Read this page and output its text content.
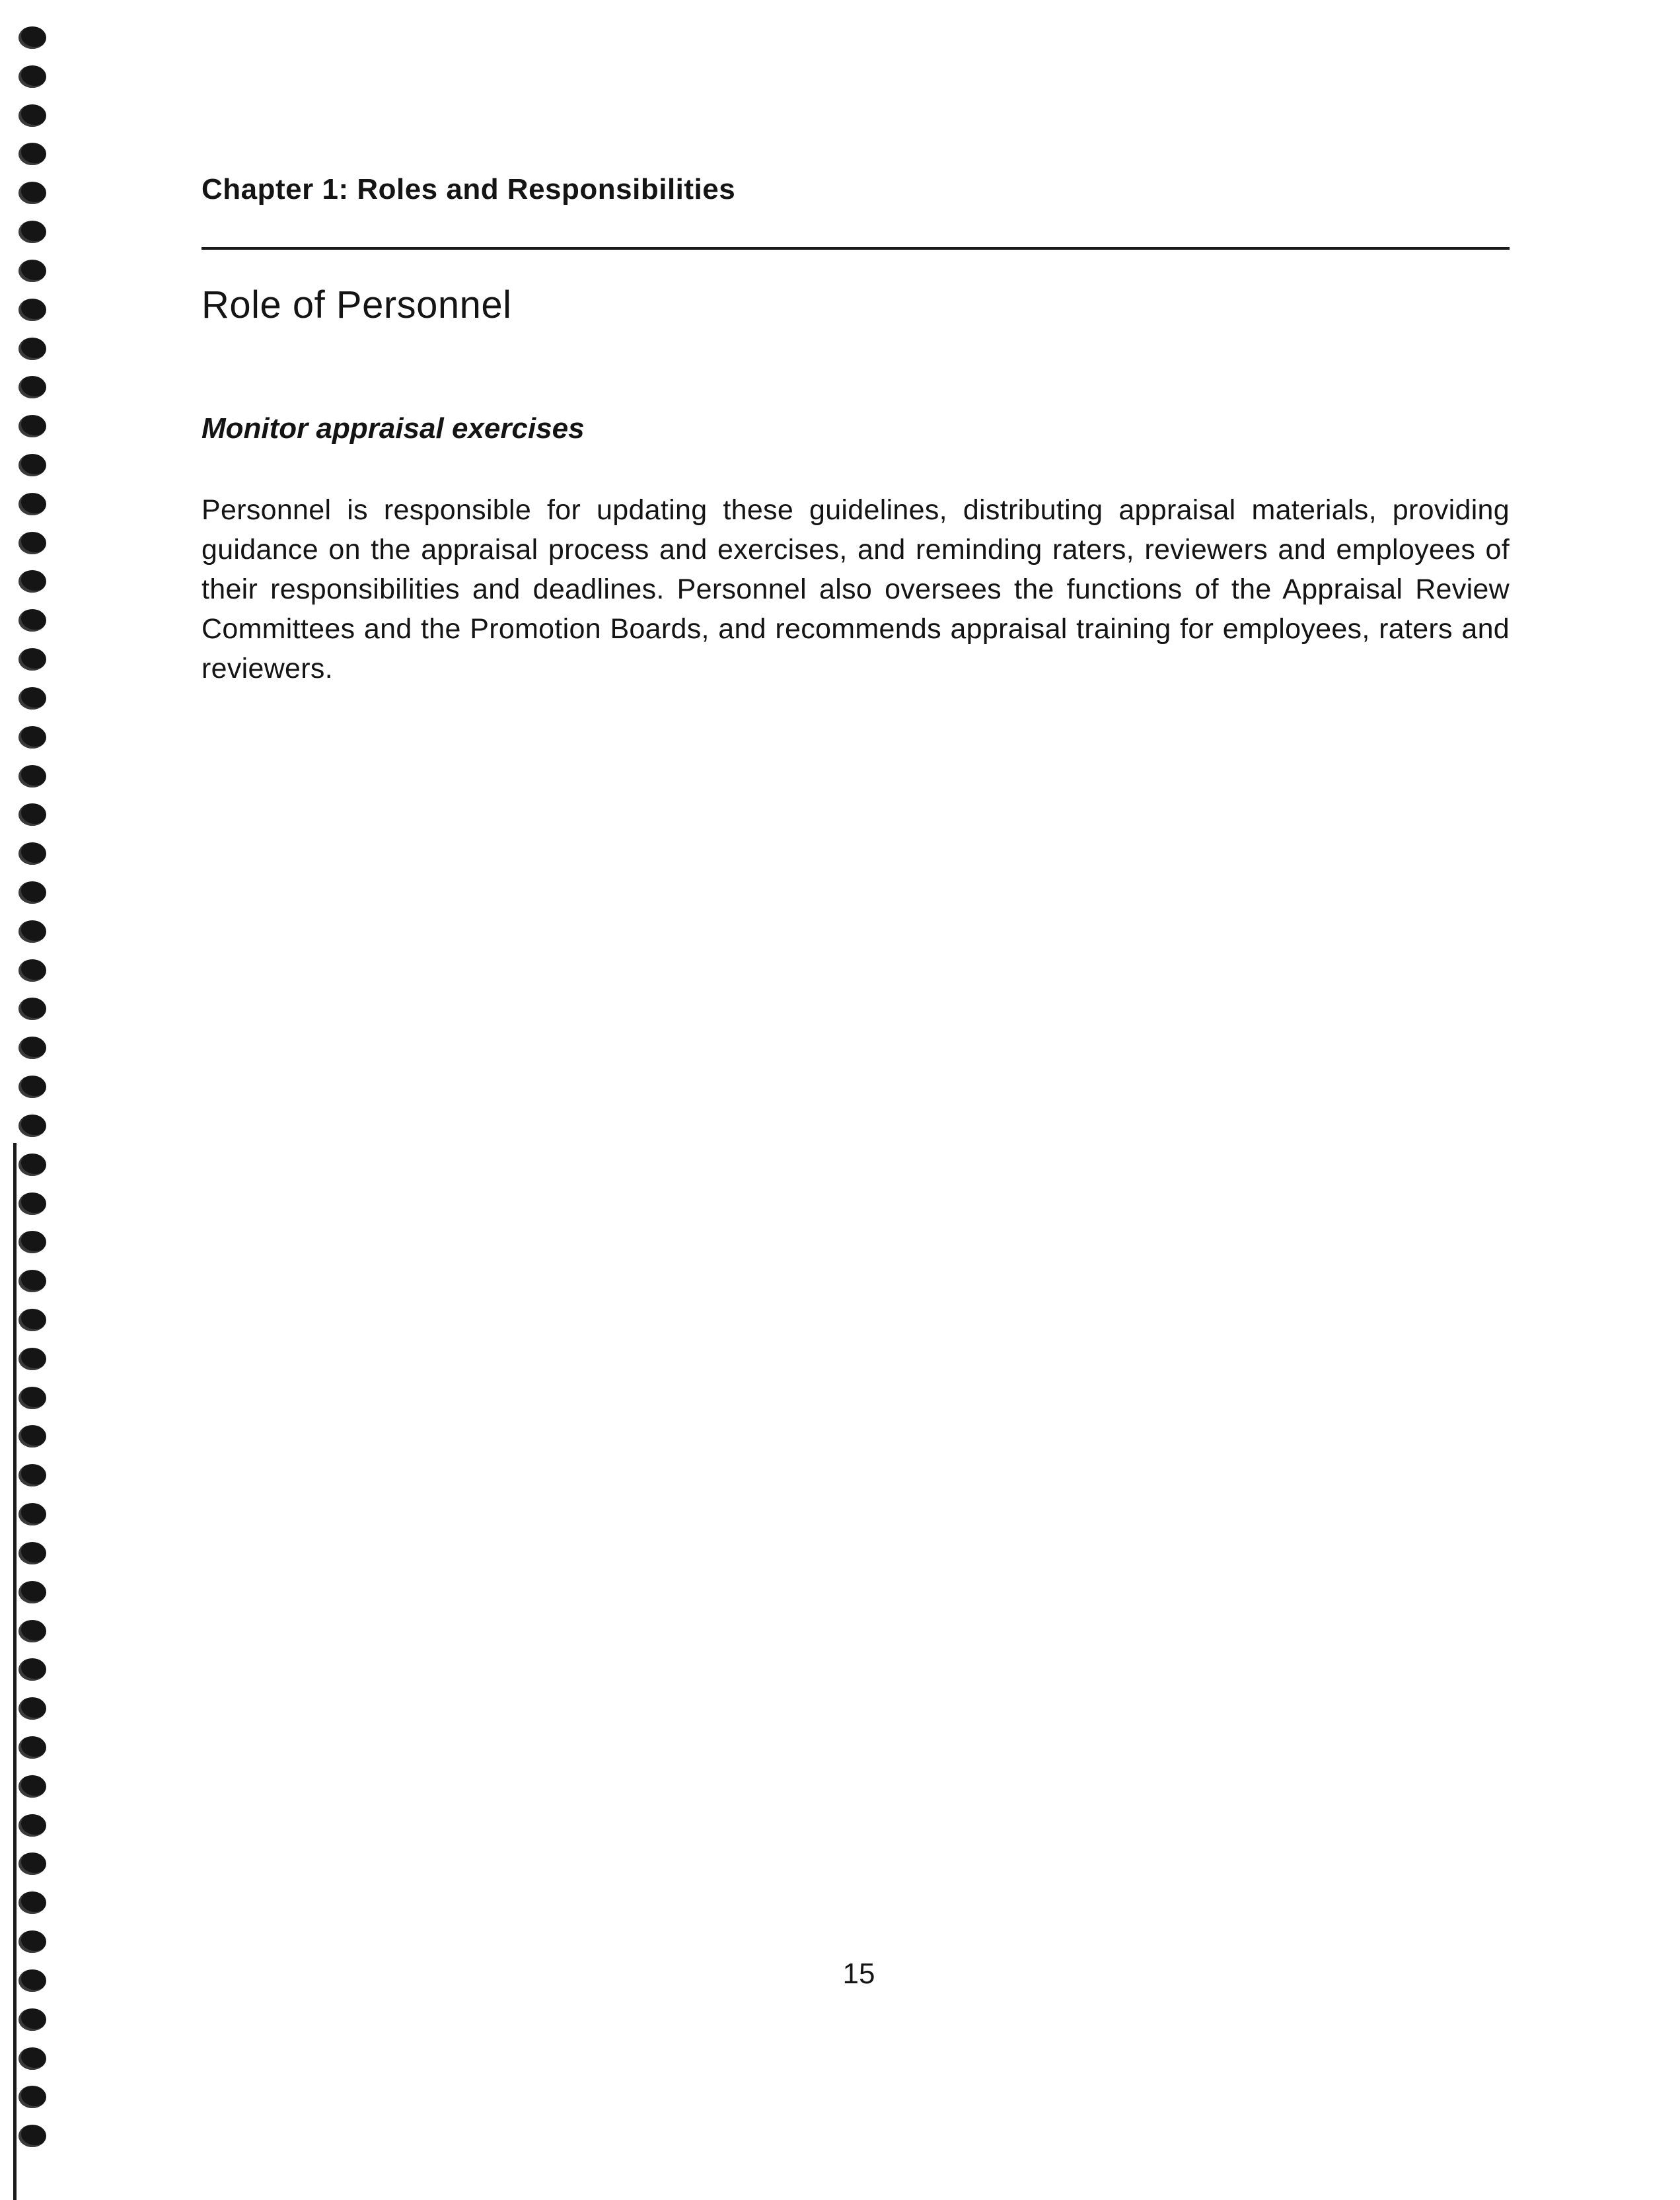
Chapter 1: Roles and Responsibilities
Role of Personnel
Monitor appraisal exercises

Personnel is responsible for updating these guidelines, distributing appraisal materials, providing guidance on the appraisal process and exercises, and reminding raters, reviewers and employees of their responsibilities and deadlines. Personnel also oversees the functions of the Appraisal Review Committees and the Promotion Boards, and recommends appraisal training for employees, raters and reviewers.

15
